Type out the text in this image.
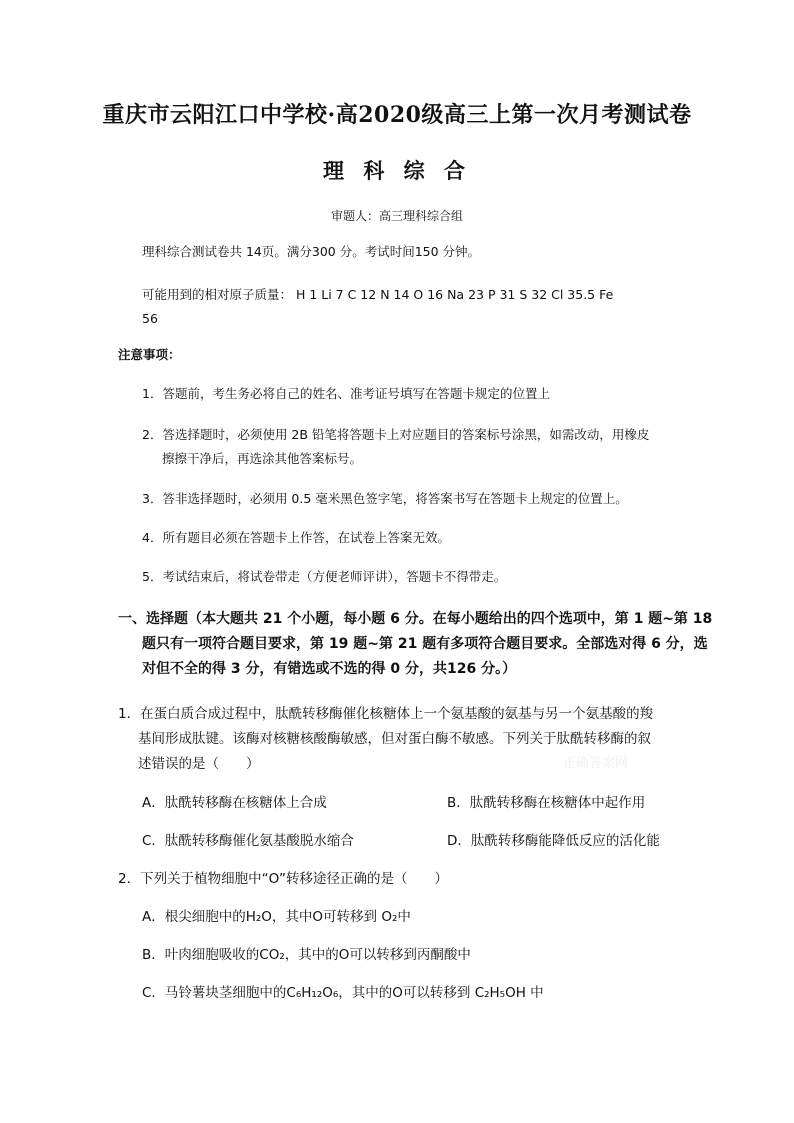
重庆市云阳江口中学校·高2020级高三上第一次月考测试卷
理 科 综 合
审题人：高三理科综合组
理科综合测试卷共 14页。满分300 分。考试时间150 分钟。
可能用到的相对原子质量： H 1 Li 7 C 12 N 14 O 16 Na 23 P 31 S 32 Cl 35.5 Fe
56
注意事项：
1．答题前，考生务必将自己的姓名、准考证号填写在答题卡规定的位置上
2．答选择题时，必须使用 2B 铅笔将答题卡上对应题目的答案标号涂黑，如需改动，用橡皮
擦擦干净后，再选涂其他答案标号。
3．答非选择题时，必须用 0.5 毫米黑色签字笔，将答案书写在答题卡上规定的位置上。
4．所有题目必须在答题卡上作答，在试卷上答案无效。
5．考试结束后，将试卷带走（方便老师评讲），答题卡不得带走。
一、选择题（本大题共 21 个小题，每小题 6 分。在每小题给出的四个选项中，第 1 题~第 18
题只有一项符合题目要求，第 19 题~第 21 题有多项符合题目要求。全部选对得 6 分，选
对但不全的得 3 分，有错选或不选的得 0 分，共126 分。）
1．在蛋白质合成过程中，肽酰转移酶催化核糖体上一个氨基酸的氨基与另一个氨基酸的羧
基间形成肽键。该酶对核糖核酸酶敏感，但对蛋白酶不敏感。下列关于肽酰转移酶的叙
述错误的是（　　）	正确答案网
A．肽酰转移酶在核糖体上合成	B．肽酰转移酶在核糖体中起作用
C．肽酰转移酶催化氨基酸脱水缩合	D．肽酰转移酶能降低反应的活化能
2．下列关于植物细胞中“O”转移途径正确的是（　　）
A．根尖细胞中的H₂O，其中O可转移到 O₂中
B．叶肉细胞吸收的CO₂，其中的O可以转移到丙酮酸中
C．马铃薯块茎细胞中的C₆H₁₂O₆，其中的O可以转移到 C₂H₅OH 中
